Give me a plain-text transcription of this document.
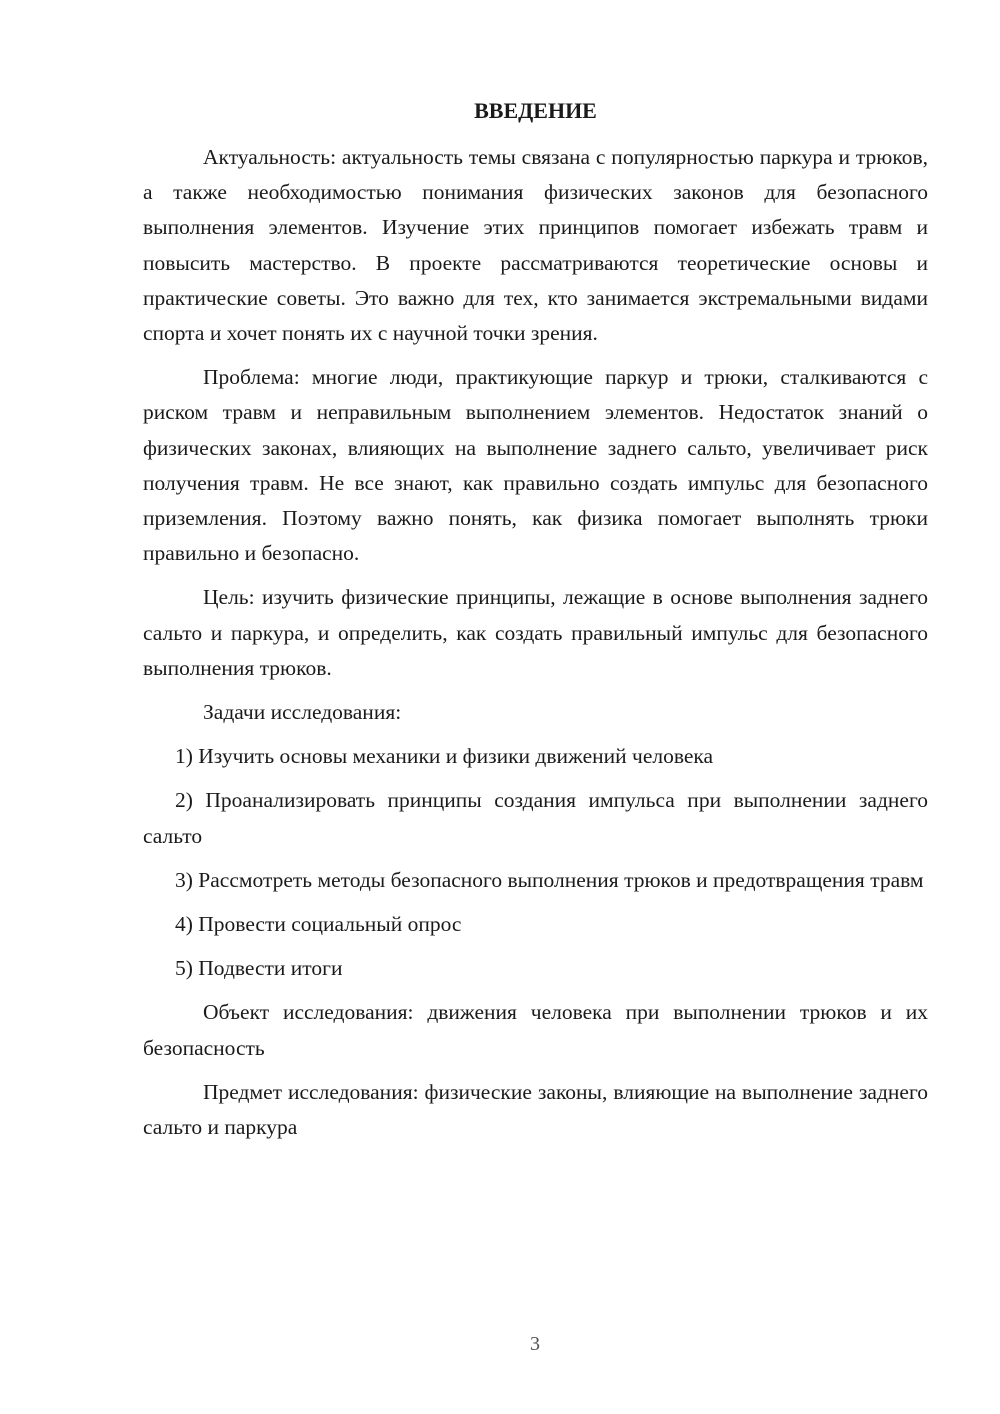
ВВЕДЕНИЕ

Актуальность: актуальность темы связана с популярностью паркура и трюков, а также необходимостью понимания физических законов для безопасного выполнения элементов. Изучение этих принципов помогает избежать травм и повысить мастерство. В проекте рассматриваются теоретические основы и практические советы. Это важно для тех, кто занимается экстремальными видами спорта и хочет понять их с научной точки зрения.

Проблема: многие люди, практикующие паркур и трюки, сталкиваются с риском травм и неправильным выполнением элементов. Недостаток знаний о физических законах, влияющих на выполнение заднего сальто, увеличивает риск получения травм. Не все знают, как правильно создать импульс для безопасного приземления. Поэтому важно понять, как физика помогает выполнять трюки правильно и безопасно.

Цель: изучить физические принципы, лежащие в основе выполнения заднего сальто и паркура, и определить, как создать правильный импульс для безопасного выполнения трюков.

Задачи исследования:

1) Изучить основы механики и физики движений человека

2) Проанализировать принципы создания импульса при выполнении заднего сальто

3) Рассмотреть методы безопасного выполнения трюков и предотвращения травм

4) Провести социальный опрос

5) Подвести итоги

Объект исследования: движения человека при выполнении трюков и их безопасность

Предмет исследования: физические законы, влияющие на выполнение заднего сальто и паркура

3
